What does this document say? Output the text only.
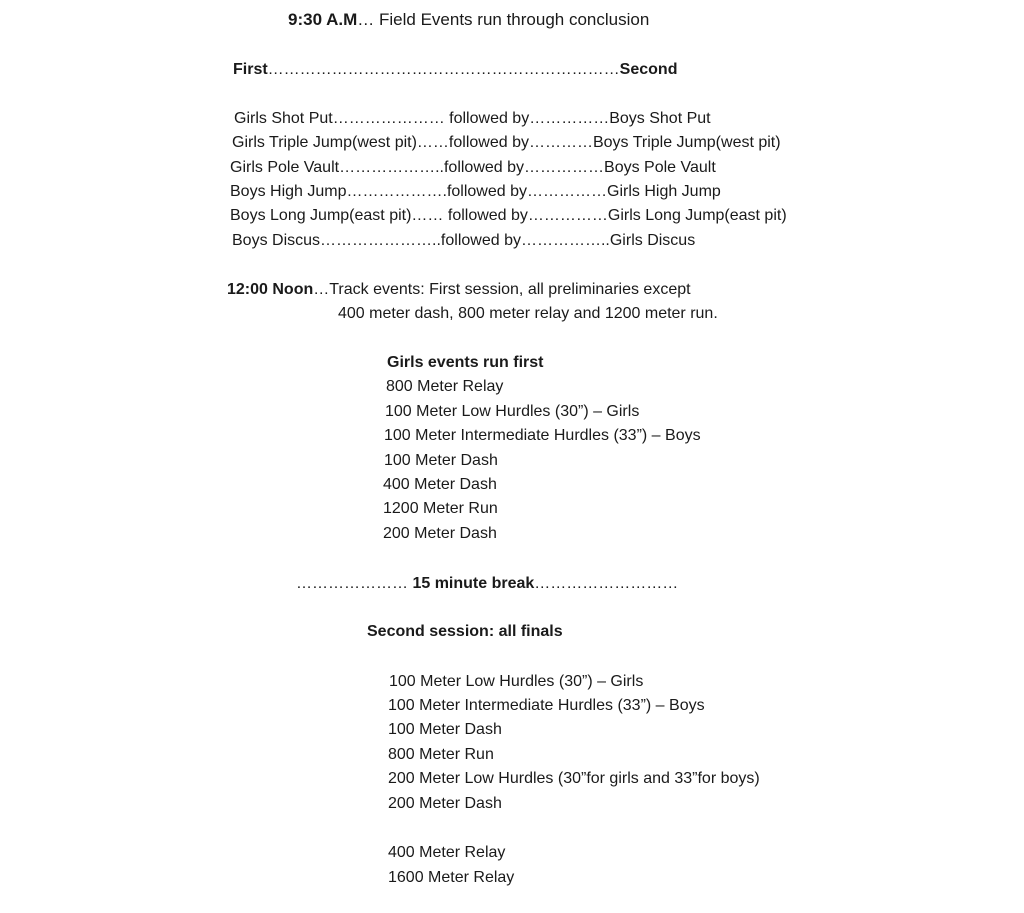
9:30 A.M… Field Events run through conclusion
First…………………………………………………………Second
Girls Shot Put………………… followed by……………Boys Shot Put
Girls Triple Jump(west pit)……followed by…………Boys Triple Jump(west pit)
Girls Pole Vault………………..followed by……………Boys Pole Vault
Boys High Jump……………….followed by……………Girls High Jump
Boys Long Jump(east pit)…… followed by……………Girls Long Jump(east pit)
Boys Discus…………………..followed by……………..Girls Discus
12:00 Noon…Track events: First session, all preliminaries except
400 meter dash, 800 meter relay and 1200 meter run.
Girls events run first
800 Meter Relay
100 Meter Low Hurdles (30”) – Girls
100 Meter Intermediate Hurdles (33”) – Boys
100 Meter Dash
400 Meter Dash
1200 Meter Run
200 Meter Dash
………………… 15 minute break………………………
Second session: all finals
100 Meter Low Hurdles (30”) – Girls
100 Meter Intermediate Hurdles (33”) – Boys
100 Meter Dash
800 Meter Run
200 Meter Low Hurdles (30”for girls and 33”for boys)
200 Meter Dash
400 Meter Relay
1600 Meter Relay
